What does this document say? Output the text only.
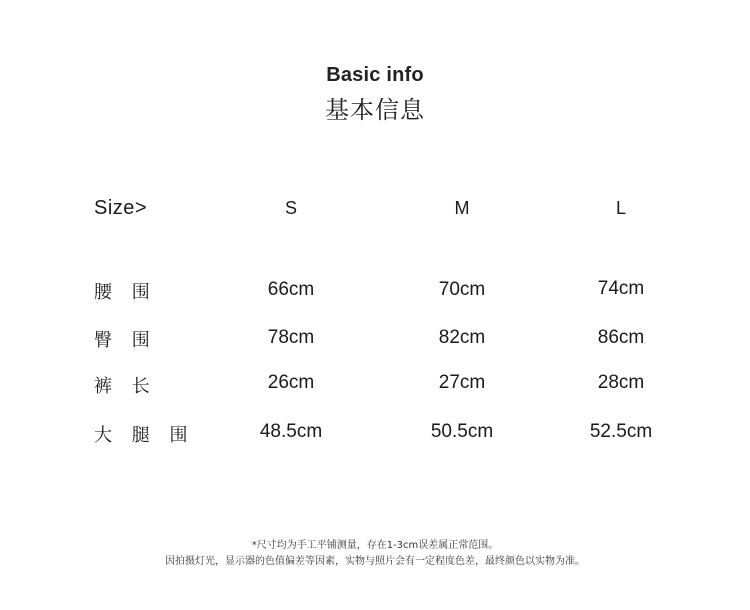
Basic info
基本信息
Size>	S	M	L
腰 围	66cm	70cm	74cm
臀 围	78cm	82cm	86cm
裤 长	26cm	27cm	28cm
大 腿 围	48.5cm	50.5cm	52.5cm
*尺寸均为手工平铺测量，存在1-3cm误差属正常范围。
因拍摄灯光，显示器的色值偏差等因素，实物与照片会有一定程度色差，最终颜色以实物为准。
